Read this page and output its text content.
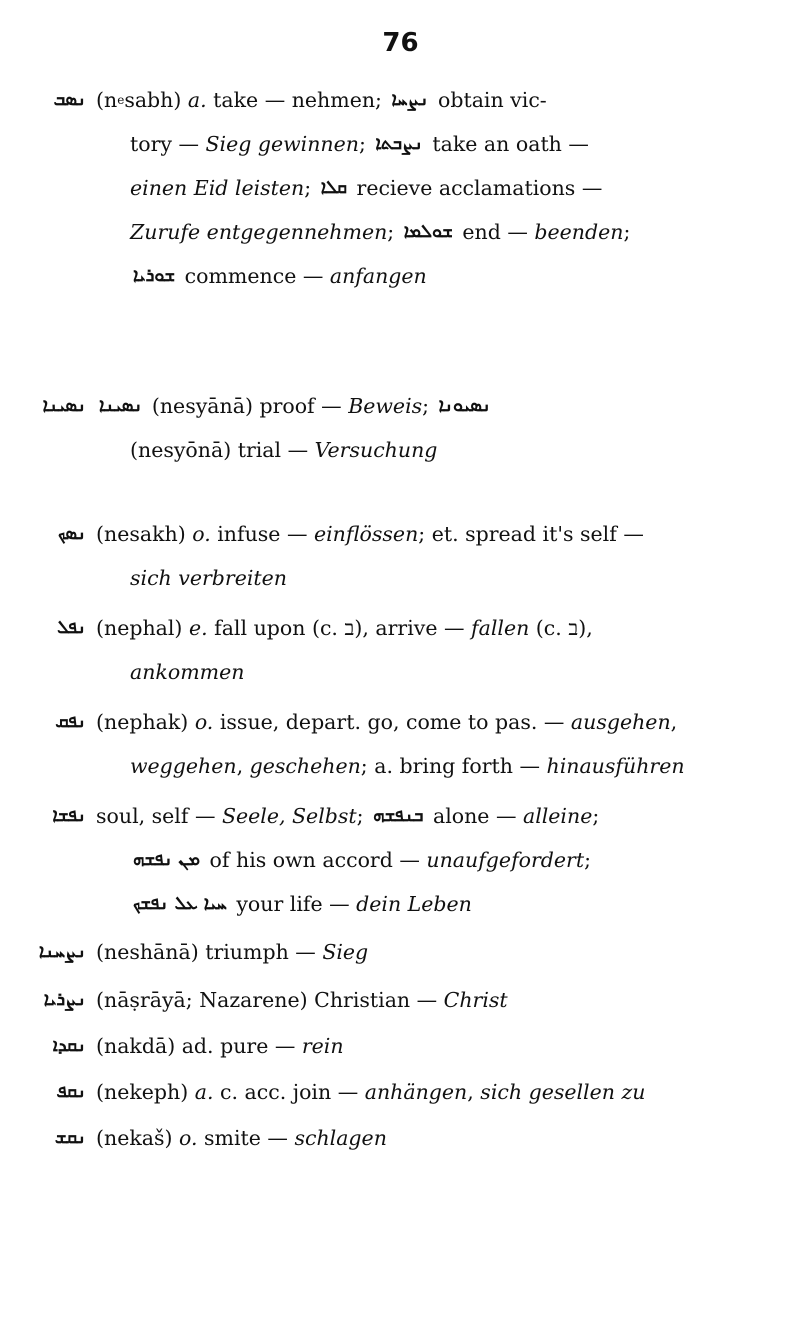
76
ܢܣܒ (n e sabh) a. take — nehmen; ܢܨܚܐ obtain vic-
tory — Sieg gewinnen ; ܢܨܒܬܐ take an oath —
einen Eid leisten ; ܩܠܐ recieve acclamations —
Zurufe entgegennehmen ; ܫܘܠܡܐ end — beenden ;
ܫܘܪܝܐ commence — anfangen
ܢܣܝܢܐ ܢܣܝܢܐ (nesyānā) proof — Beweis ; ܢܣܝܘܢܐ
(nesyōnā) trial — Versuchung
ܢܣܟ (nesakh) o. infuse — einflössen ; et. spread it's self —
sich verbreiten
ܢܦܠ (nephal) e. fall upon (c. ב), arrive — fallen (c. ב),
ankommen
ܢܦܩ (nephak) o. issue, depart. go, come to pas. — ausgehen ,
weggehen , geschehen ; a. bring forth — hinausführen
ܢܦܫܐ soul, self — Seele, Selbst ; ܒܢܦܫܗ alone — alleine ;
ܢܦܫܗ ܡܢ of his own accord — unaufgefordert ;
ܥܠ ܢܦܫܟ ܚܝܐ your life — dein Leben
ܢܨܚܢܐ (neshānā) triumph — Sieg
ܢܨܪܝܐ (nāṣrāyā; Nazarene) Christian — Christ
ܢܩܕܐ (nakdā) ad. pure — rein
ܢܩܦ (nekeph) a. c. acc. join — anhängen , sich gesellen zu
ܢܩܫ (nekaš) o. smite — schlagen
